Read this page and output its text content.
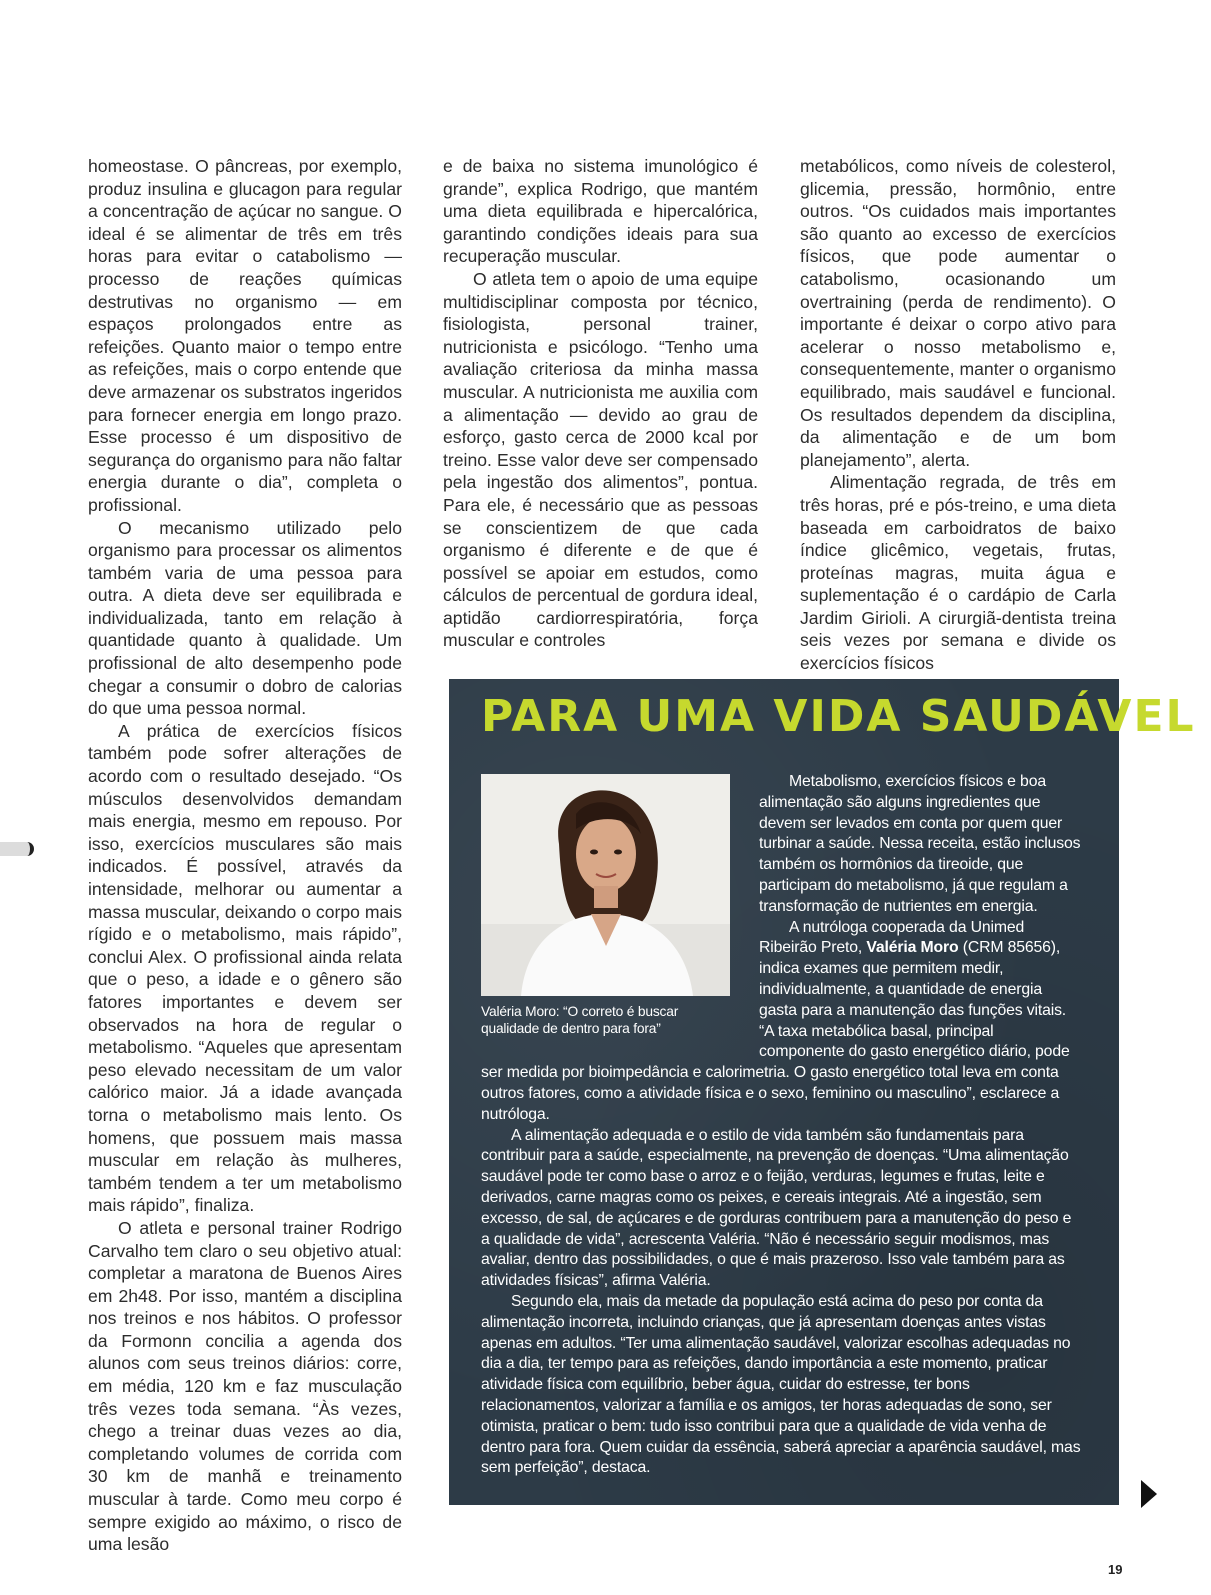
homeostase. O pâncreas, por exemplo, produz insulina e glucagon para regular a concentração de açúcar no sangue. O ideal é se alimentar de três em três horas para evitar o catabolismo — processo de reações químicas destrutivas no organismo — em espaços prolongados entre as refeições. Quanto maior o tempo entre as refeições, mais o corpo entende que deve armazenar os substratos ingeridos para fornecer energia em longo prazo. Esse processo é um dispositivo de segurança do organismo para não faltar energia durante o dia”, completa o profissional.

O mecanismo utilizado pelo organismo para processar os alimentos também varia de uma pessoa para outra. A dieta deve ser equilibrada e individualizada, tanto em relação à quantidade quanto à qualidade. Um profissional de alto desempenho pode chegar a consumir o dobro de calorias do que uma pessoa normal.

A prática de exercícios físicos também pode sofrer alterações de acordo com o resultado desejado. “Os músculos desenvolvidos demandam mais energia, mesmo em repouso. Por isso, exercícios musculares são mais indicados. É possível, através da intensidade, melhorar ou aumentar a massa muscular, deixando o corpo mais rígido e o metabolismo, mais rápido”, conclui Alex. O profissional ainda relata que o peso, a idade e o gênero são fatores importantes e devem ser observados na hora de regular o metabolismo. “Aqueles que apresentam peso elevado necessitam de um valor calórico maior. Já a idade avançada torna o metabolismo mais lento. Os homens, que possuem mais massa muscular em relação às mulheres, também tendem a ter um metabolismo mais rápido”, finaliza.

O atleta e personal trainer Rodrigo Carvalho tem claro o seu objetivo atual: completar a maratona de Buenos Aires em 2h48. Por isso, mantém a disciplina nos treinos e nos hábitos. O professor da Formonn concilia a agenda dos alunos com seus treinos diários: corre, em média, 120 km e faz musculação três vezes toda semana. “Às vezes, chego a treinar duas vezes ao dia, completando volumes de corrida com 30 km de manhã e treinamento muscular à tarde. Como meu corpo é sempre exigido ao máximo, o risco de uma lesão

e de baixa no sistema imunológico é grande”, explica Rodrigo, que mantém uma dieta equilibrada e hipercalórica, garantindo condições ideais para sua recuperação muscular.

O atleta tem o apoio de uma equipe multidisciplinar composta por técnico, fisiologista, personal trainer, nutricionista e psicólogo. “Tenho uma avaliação criteriosa da minha massa muscular. A nutricionista me auxilia com a alimentação — devido ao grau de esforço, gasto cerca de 2000 kcal por treino. Esse valor deve ser compensado pela ingestão dos alimentos”, pontua. Para ele, é necessário que as pessoas se conscientizem de que cada organismo é diferente e de que é possível se apoiar em estudos, como cálculos de percentual de gordura ideal, aptidão cardiorrespiratória, força muscular e controles

metabólicos, como níveis de colesterol, glicemia, pressão, hormônio, entre outros. “Os cuidados mais importantes são quanto ao excesso de exercícios físicos, que pode aumentar o catabolismo, ocasionando um overtraining (perda de rendimento). O importante é deixar o corpo ativo para acelerar o nosso metabolismo e, consequentemente, manter o organismo equilibrado, mais saudável e funcional. Os resultados dependem da disciplina, da alimentação e de um bom planejamento”, alerta.

Alimentação regrada, de três em três horas, pré e pós-treino, e uma dieta baseada em carboidratos de baixo índice glicêmico, vegetais, frutas, proteínas magras, muita água e suplementação é o cardápio de Carla Jardim Girioli. A cirurgiã-dentista treina seis vezes por semana e divide os exercícios físicos

PARA UMA VIDA SAUDÁVEL
Valéria Moro: “O correto é buscar qualidade de dentro para fora”

Metabolismo, exercícios físicos e boa alimentação são alguns ingredientes que devem ser levados em conta por quem quer turbinar a saúde. Nessa receita, estão inclusos também os hormônios da tireoide, que participam do metabolismo, já que regulam a transformação de nutrientes em energia.

A nutróloga cooperada da Unimed Ribeirão Preto, Valéria Moro (CRM 85656), indica exames que permitem medir, individualmente, a quantidade de energia gasta para a manutenção das funções vitais. “A taxa metabólica basal, principal componente do gasto energético diário, pode ser medida por bioimpedância e calorimetria. O gasto energético total leva em conta outros fatores, como a atividade física e o sexo, feminino ou masculino”, esclarece a nutróloga.

A alimentação adequada e o estilo de vida também são fundamentais para contribuir para a saúde, especialmente, na prevenção de doenças. “Uma alimentação saudável pode ter como base o arroz e o feijão, verduras, legumes e frutas, leite e derivados, carne magras como os peixes, e cereais integrais. Até a ingestão, sem excesso, de sal, de açúcares e de gorduras contribuem para a manutenção do peso e a qualidade de vida”, acrescenta Valéria. “Não é necessário seguir modismos, mas avaliar, dentro das possibilidades, o que é mais prazeroso. Isso vale também para as atividades físicas”, afirma Valéria.

Segundo ela, mais da metade da população está acima do peso por conta da alimentação incorreta, incluindo crianças, que já apresentam doenças antes vistas apenas em adultos. “Ter uma alimentação saudável, valorizar escolhas adequadas no dia a dia, ter tempo para as refeições, dando importância a este momento, praticar atividade física com equilíbrio, beber água, cuidar do estresse, ter bons relacionamentos, valorizar a família e os amigos, ter horas adequadas de sono, ser otimista, praticar o bem: tudo isso contribui para que a qualidade de vida venha de dentro para fora. Quem cuidar da essência, saberá apreciar a aparência saudável, mas sem perfeição”, destaca.

19
